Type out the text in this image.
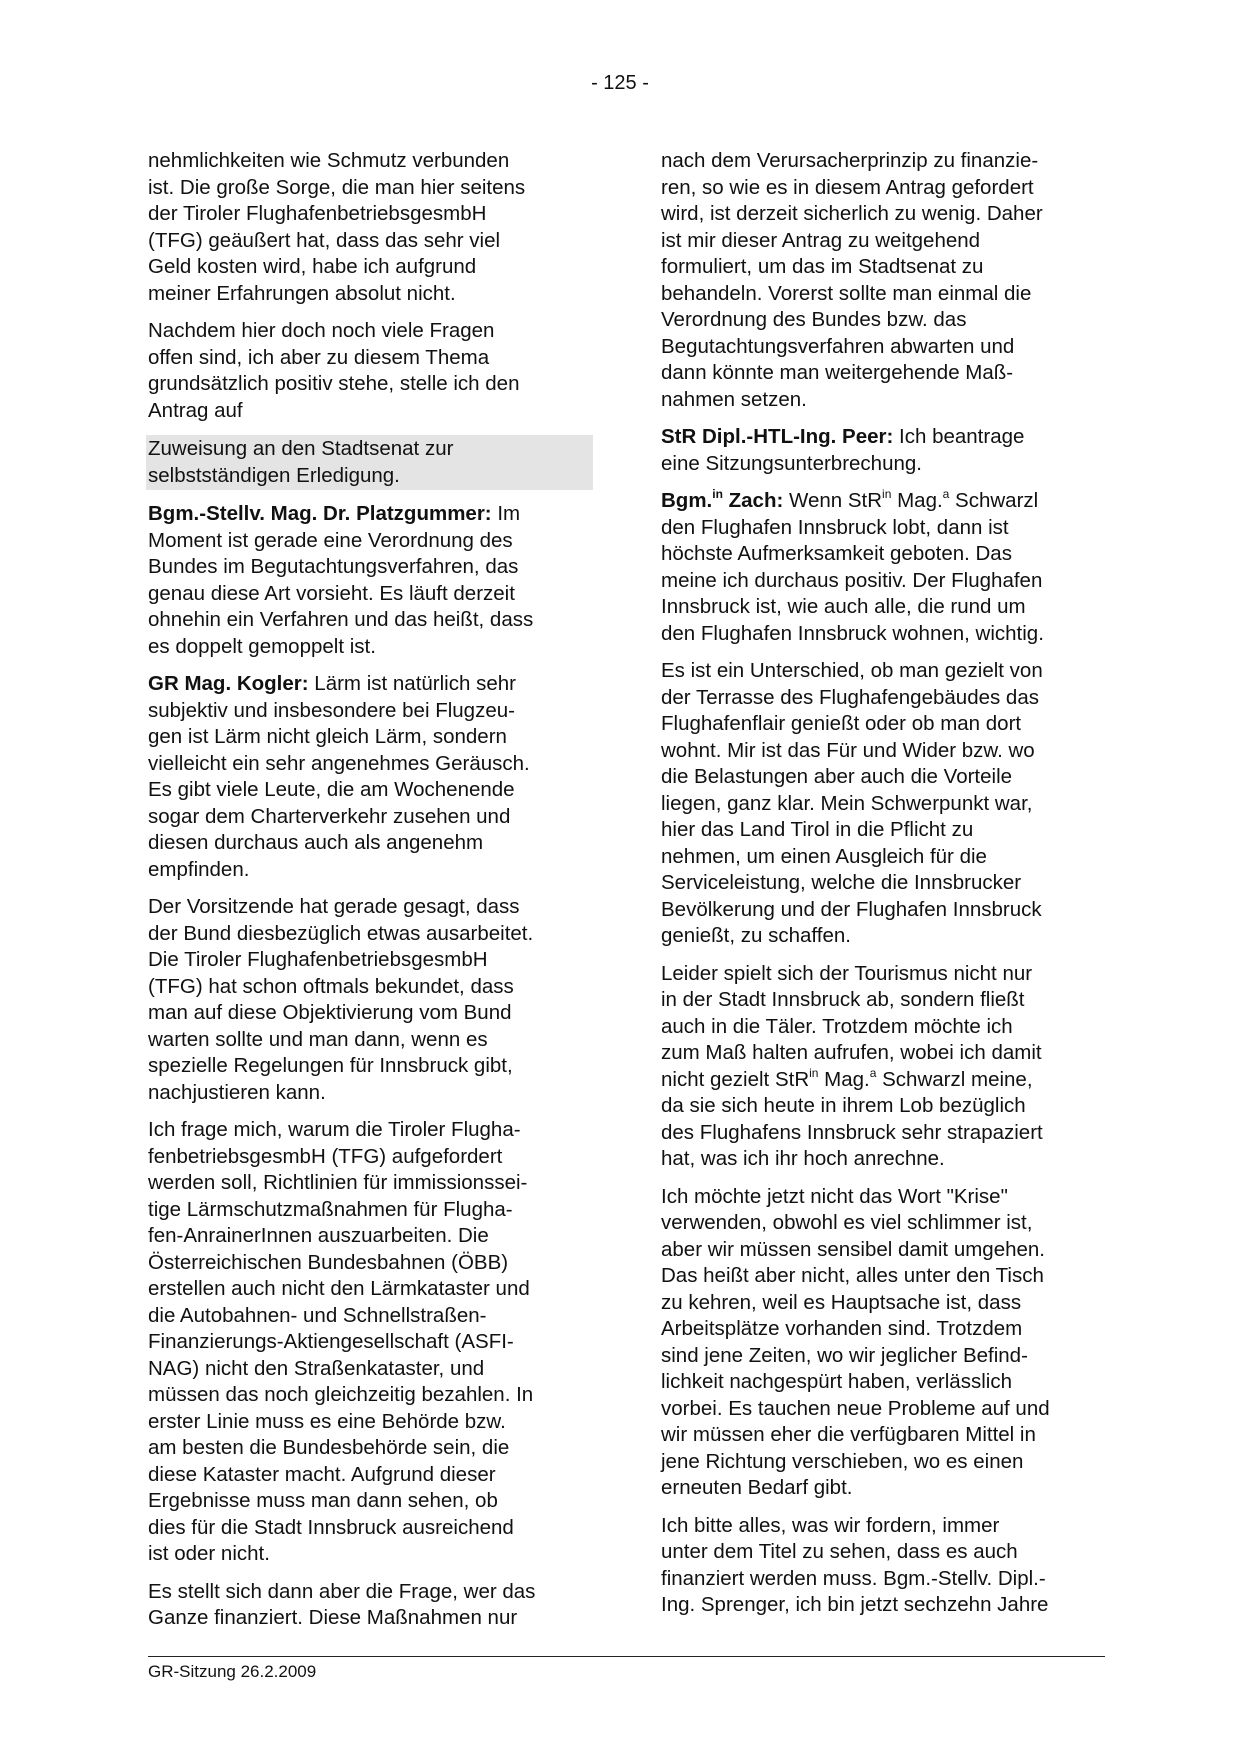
- 125 -

nehmlichkeiten wie Schmutz verbunden
ist. Die große Sorge, die man hier seitens
der Tiroler FlughafenbetriebsgesmbH
(TFG) geäußert hat, dass das sehr viel
Geld kosten wird, habe ich aufgrund
meiner Erfahrungen absolut nicht.

Nachdem hier doch noch viele Fragen
offen sind, ich aber zu diesem Thema
grundsätzlich positiv stehe, stelle ich den
Antrag auf

Zuweisung an den Stadtsenat zur
selbstständigen Erledigung.

Bgm.-Stellv. Mag. Dr. Platzgummer: Im
Moment ist gerade eine Verordnung des
Bundes im Begutachtungsverfahren, das
genau diese Art vorsieht. Es läuft derzeit
ohnehin ein Verfahren und das heißt, dass
es doppelt gemoppelt ist.

GR Mag. Kogler: Lärm ist natürlich sehr
subjektiv und insbesondere bei Flugzeu-
gen ist Lärm nicht gleich Lärm, sondern
vielleicht ein sehr angenehmes Geräusch.
Es gibt viele Leute, die am Wochenende
sogar dem Charterverkehr zusehen und
diesen durchaus auch als angenehm
empfinden.

Der Vorsitzende hat gerade gesagt, dass
der Bund diesbezüglich etwas ausarbeitet.
Die Tiroler FlughafenbetriebsgesmbH
(TFG) hat schon oftmals bekundet, dass
man auf diese Objektivierung vom Bund
warten sollte und man dann, wenn es
spezielle Regelungen für Innsbruck gibt,
nachjustieren kann.

Ich frage mich, warum die Tiroler Flugha-
fenbetriebsgesmbH (TFG) aufgefordert
werden soll, Richtlinien für immissionssei-
tige Lärmschutzmaßnahmen für Flugha-
fen-AnrainerInnen auszuarbeiten. Die
Österreichischen Bundesbahnen (ÖBB)
erstellen auch nicht den Lärmkataster und
die Autobahnen- und Schnellstraßen-
Finanzierungs-Aktiengesellschaft (ASFI-
NAG) nicht den Straßenkataster, und
müssen das noch gleichzeitig bezahlen. In
erster Linie muss es eine Behörde bzw.
am besten die Bundesbehörde sein, die
diese Kataster macht. Aufgrund dieser
Ergebnisse muss man dann sehen, ob
dies für die Stadt Innsbruck ausreichend
ist oder nicht.

Es stellt sich dann aber die Frage, wer das
Ganze finanziert. Diese Maßnahmen nur

nach dem Verursacherprinzip zu finanzie-
ren, so wie es in diesem Antrag gefordert
wird, ist derzeit sicherlich zu wenig. Daher
ist mir dieser Antrag zu weitgehend
formuliert, um das im Stadtsenat zu
behandeln. Vorerst sollte man einmal die
Verordnung des Bundes bzw. das
Begutachtungsverfahren abwarten und
dann könnte man weitergehende Maß-
nahmen setzen.

StR Dipl.-HTL-Ing. Peer: Ich beantrage
eine Sitzungsunterbrechung.

Bgm.$^{in}$ Zach: Wenn StR$^{in}$ Mag.$^a$ Schwarzl
den Flughafen Innsbruck lobt, dann ist
höchste Aufmerksamkeit geboten. Das
meine ich durchaus positiv. Der Flughafen
Innsbruck ist, wie auch alle, die rund um
den Flughafen Innsbruck wohnen, wichtig.

Es ist ein Unterschied, ob man gezielt von
der Terrasse des Flughafengebäudes das
Flughafenflair genießt oder ob man dort
wohnt. Mir ist das Für und Wider bzw. wo
die Belastungen aber auch die Vorteile
liegen, ganz klar. Mein Schwerpunkt war,
hier das Land Tirol in die Pflicht zu
nehmen, um einen Ausgleich für die
Serviceleistung, welche die Innsbrucker
Bevölkerung und der Flughafen Innsbruck
genießt, zu schaffen.

Leider spielt sich der Tourismus nicht nur
in der Stadt Innsbruck ab, sondern fließt
auch in die Täler. Trotzdem möchte ich
zum Maß halten aufrufen, wobei ich damit
nicht gezielt StR$^{in}$ Mag.$^a$ Schwarzl meine,
da sie sich heute in ihrem Lob bezüglich
des Flughafens Innsbruck sehr strapaziert
hat, was ich ihr hoch anrechne.

Ich möchte jetzt nicht das Wort "Krise"
verwenden, obwohl es viel schlimmer ist,
aber wir müssen sensibel damit umgehen.
Das heißt aber nicht, alles unter den Tisch
zu kehren, weil es Hauptsache ist, dass
Arbeitsplätze vorhanden sind. Trotzdem
sind jene Zeiten, wo wir jeglicher Befind-
lichkeit nachgespürt haben, verlässlich
vorbei. Es tauchen neue Probleme auf und
wir müssen eher die verfügbaren Mittel in
jene Richtung verschieben, wo es einen
erneuten Bedarf gibt.

Ich bitte alles, was wir fordern, immer
unter dem Titel zu sehen, dass es auch
finanziert werden muss. Bgm.-Stellv. Dipl.-
Ing. Sprenger, ich bin jetzt sechzehn Jahre

GR-Sitzung 26.2.2009
